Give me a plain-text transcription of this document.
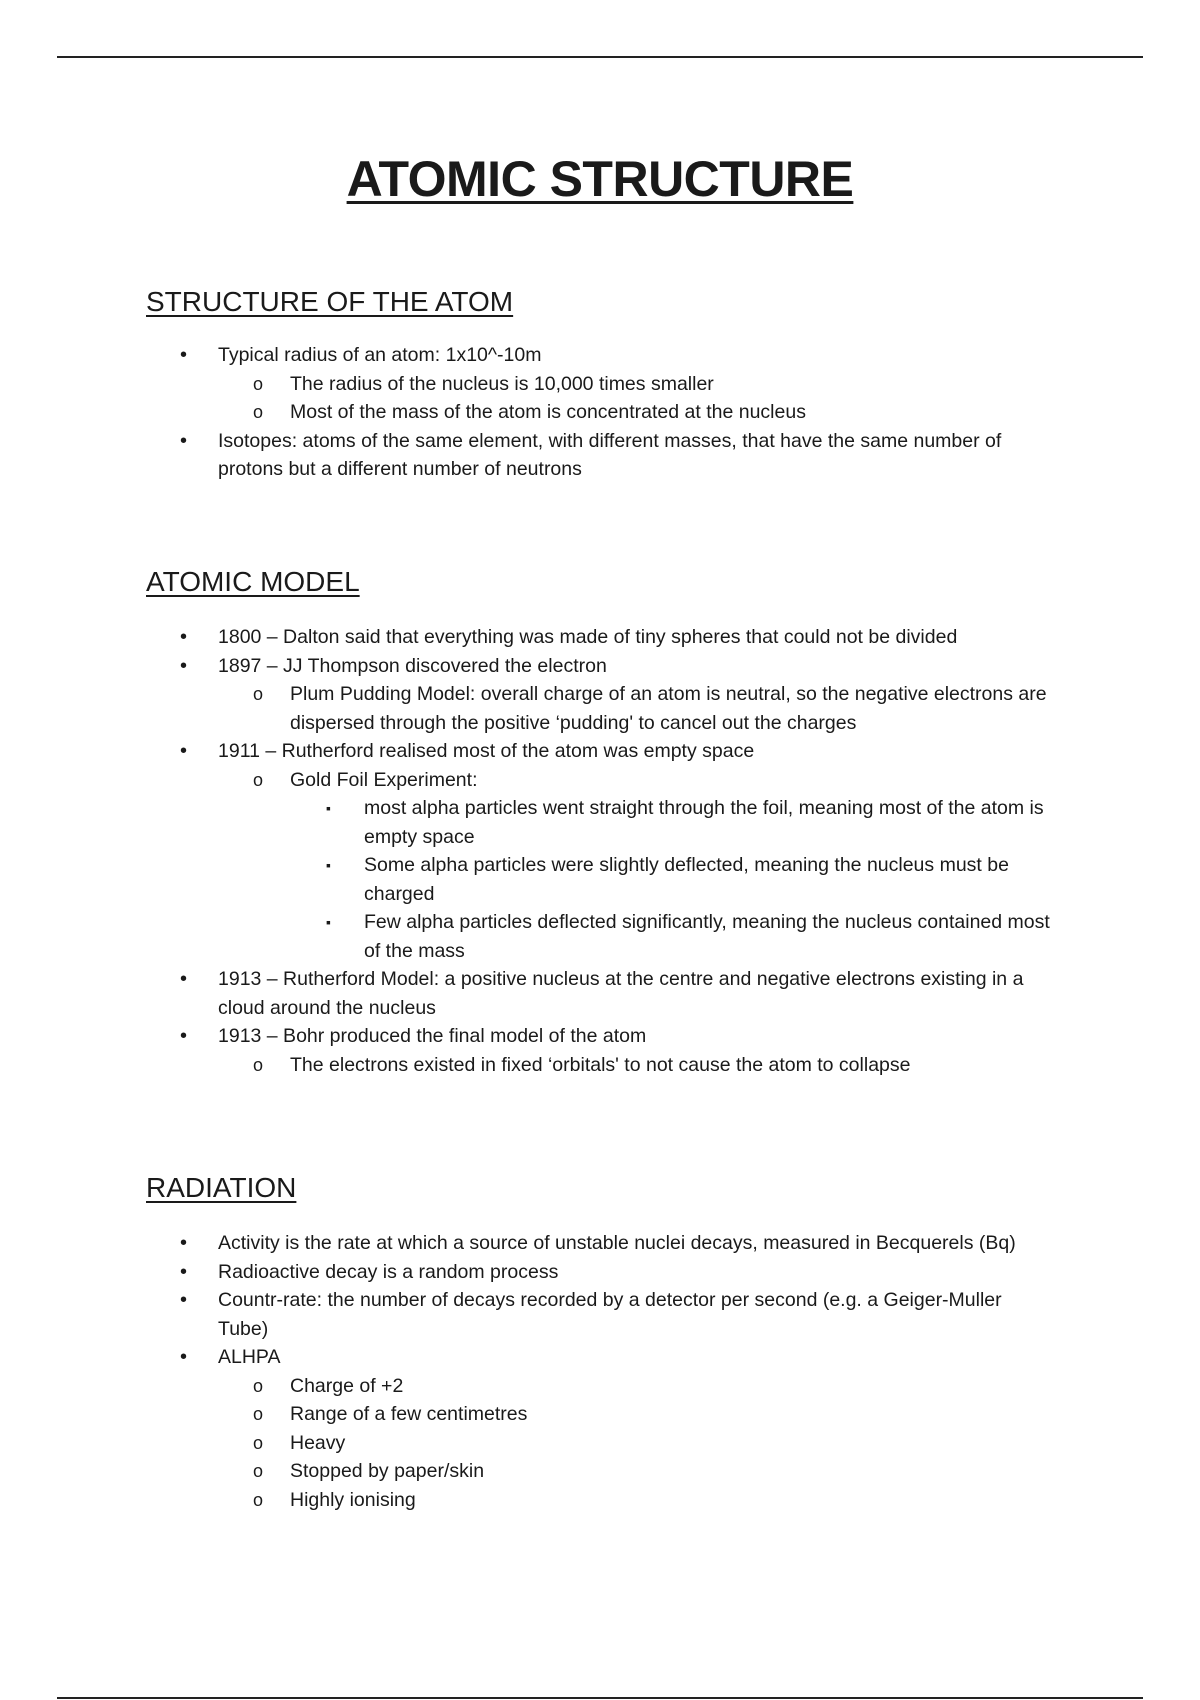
ATOMIC STRUCTURE
STRUCTURE OF THE ATOM
• Typical radius of an atom: 1x10^-10m
o The radius of the nucleus is 10,000 times smaller
o Most of the mass of the atom is concentrated at the nucleus
• Isotopes: atoms of the same element, with different masses, that have the same number of protons but a different number of neutrons
ATOMIC MODEL
• 1800 – Dalton said that everything was made of tiny spheres that could not be divided
• 1897 – JJ Thompson discovered the electron
o Plum Pudding Model: overall charge of an atom is neutral, so the negative electrons are dispersed through the positive ‘pudding' to cancel out the charges
• 1911 – Rutherford realised most of the atom was empty space
o Gold Foil Experiment:
▪ most alpha particles went straight through the foil, meaning most of the atom is empty space
▪ Some alpha particles were slightly deflected, meaning the nucleus must be charged
▪ Few alpha particles deflected significantly, meaning the nucleus contained most of the mass
• 1913 – Rutherford Model: a positive nucleus at the centre and negative electrons existing in a cloud around the nucleus
• 1913 – Bohr produced the final model of the atom
o The electrons existed in fixed ‘orbitals' to not cause the atom to collapse
RADIATION
• Activity is the rate at which a source of unstable nuclei decays, measured in Becquerels (Bq)
• Radioactive decay is a random process
• Countr-rate: the number of decays recorded by a detector per second (e.g. a Geiger-Muller Tube)
• ALHPA
o Charge of +2
o Range of a few centimetres
o Heavy
o Stopped by paper/skin
o Highly ionising
